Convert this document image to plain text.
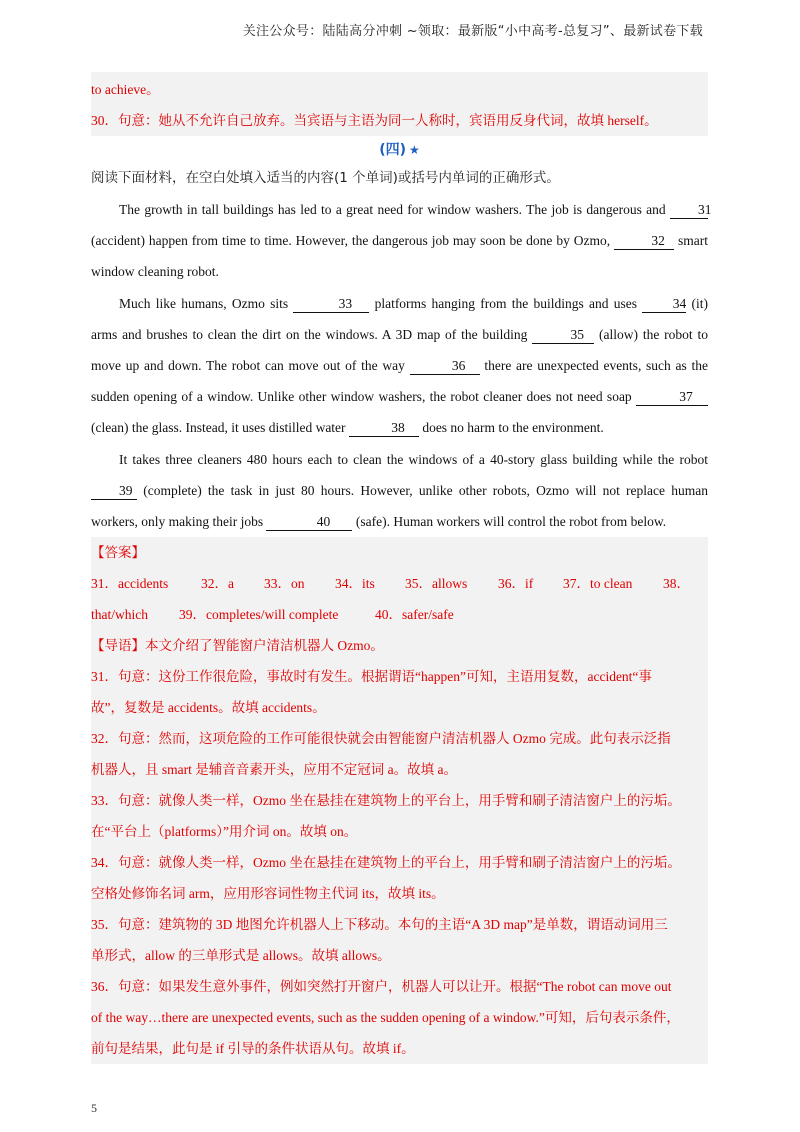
关注公众号：陆陆高分冲刺 ~领取：最新版“小中高考-总复习”、最新试卷下载
to achieve。
30．句意：她从不允许自己放弃。当宾语与主语为同一人称时，宾语用反身代词，故填 herself。
(四) ★
阅读下面材料，在空白处填入适当的内容(1 个单词)或括号内单词的正确形式。
The growth in tall buildings has led to a great need for window washers. The job is dangerous and 31 (accident) happen from time to time. However, the dangerous job may soon be done by Ozmo,	32 smart window cleaning robot.
Much like humans, Ozmo sits	33 platforms hanging from the buildings and uses 34 (it) arms and brushes to clean the dirt on the windows. A 3D map of the building	35 (allow) the robot to move up and down. The robot can move out of the way	36 there are unexpected events, such as the sudden opening of a window. Unlike other window washers, the robot cleaner does not need soap	37 (clean) the glass. Instead, it uses distilled water	38 does no harm to the environment.
It takes three cleaners 480 hours each to clean the windows of a 40-story glass building while the robot 39 (complete) the task in just 80 hours. However, unlike other robots, Ozmo will not replace human workers, only making their jobs	40 (safe). Human workers will control the robot from below.
【答案】
31．accidents	32．a	33．on	34．its	35．allows	36．if	37．to clean	38．
that/which	39．completes/will complete	40．safer/safe
【导语】本文介绍了智能窗户清洁机器人 Ozmo。
31．句意：这份工作很危险，事故时有发生。根据谓语“happen”可知，主语用复数，accident“事
故”，复数是 accidents。故填 accidents。
32．句意：然而，这项危险的工作可能很快就会由智能窗户清洁机器人 Ozmo 完成。此句表示泛指
机器人，且 smart 是辅音音素开头，应用不定冠词 a。故填 a。
33．句意：就像人类一样，Ozmo 坐在悬挂在建筑物上的平台上，用手臂和刷子清洁窗户上的污垢。
在“平台上（platforms）”用介词 on。故填 on。
34．句意：就像人类一样，Ozmo 坐在悬挂在建筑物上的平台上，用手臂和刷子清洁窗户上的污垢。
空格处修饰名词 arm，应用形容词性物主代词 its，故填 its。
35．句意：建筑物的 3D 地图允许机器人上下移动。本句的主语“A 3D map”是单数，谓语动词用三
单形式，allow 的三单形式是 allows。故填 allows。
36．句意：如果发生意外事件，例如突然打开窗户，机器人可以让开。根据“The robot can move out
of the way…there are unexpected events, such as the sudden opening of a window.”可知，后句表示条件，
前句是结果，此句是 if 引导的条件状语从句。故填 if。
5
